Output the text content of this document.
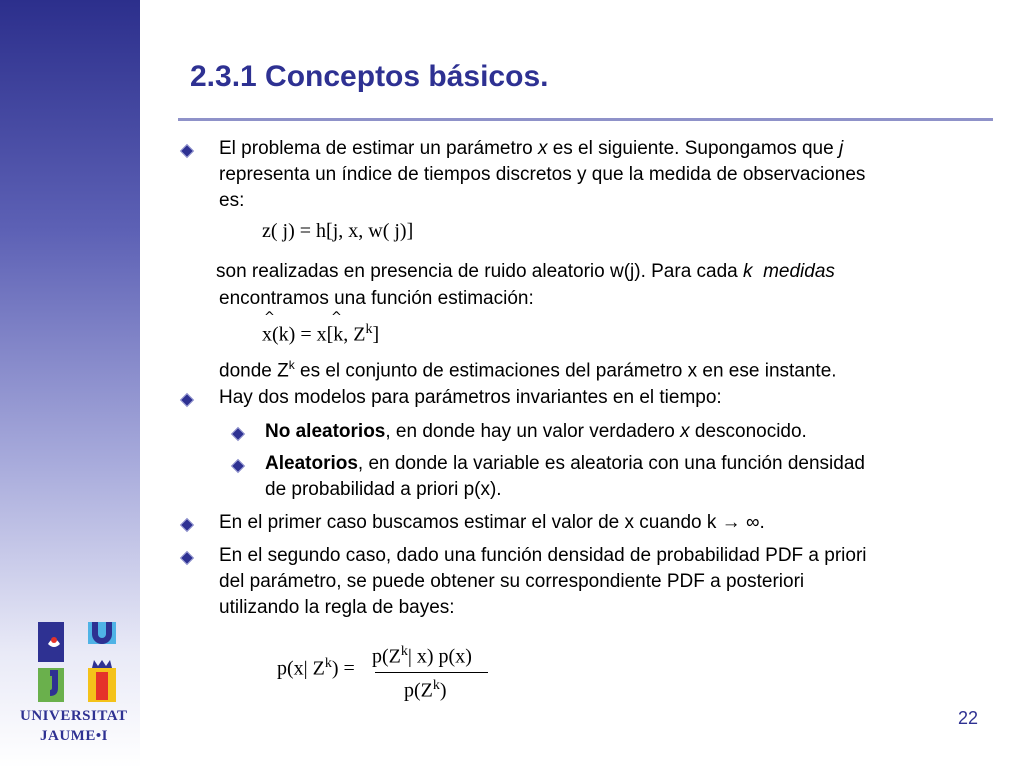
2.3.1 Conceptos básicos.
El problema de estimar un parámetro x es el siguiente. Supongamos que j
representa un índice de tiempos discretos y que la medida de observaciones
es:
z( j) = h[j, x, w( j)]
son realizadas en presencia de ruido aleatorio w(j). Para cada k medidas
encontramos una función estimación:
^	^
x(k) = x[k, $Z^k$]
donde $Z^k$ es el conjunto de estimaciones del parámetro x en ese instante.
Hay dos modelos para parámetros invariantes en el tiempo:
No aleatorios, en donde hay un valor verdadero x desconocido.
Aleatorios, en donde la variable es aleatoria con una función densidad
de probabilidad a priori p(x).
En el primer caso buscamos estimar el valor de x cuando k → ∞.
En el segundo caso, dado una función densidad de probabilidad PDF a priori
del parámetro, se puede obtener su correspondiente PDF a posteriori
utilizando la regla de bayes:
p(x| $Z^k$) =
$p(Z^k|$ x) p(x)
$p(Z^k)$
UNIVERSITAT
JAUME•I
22
